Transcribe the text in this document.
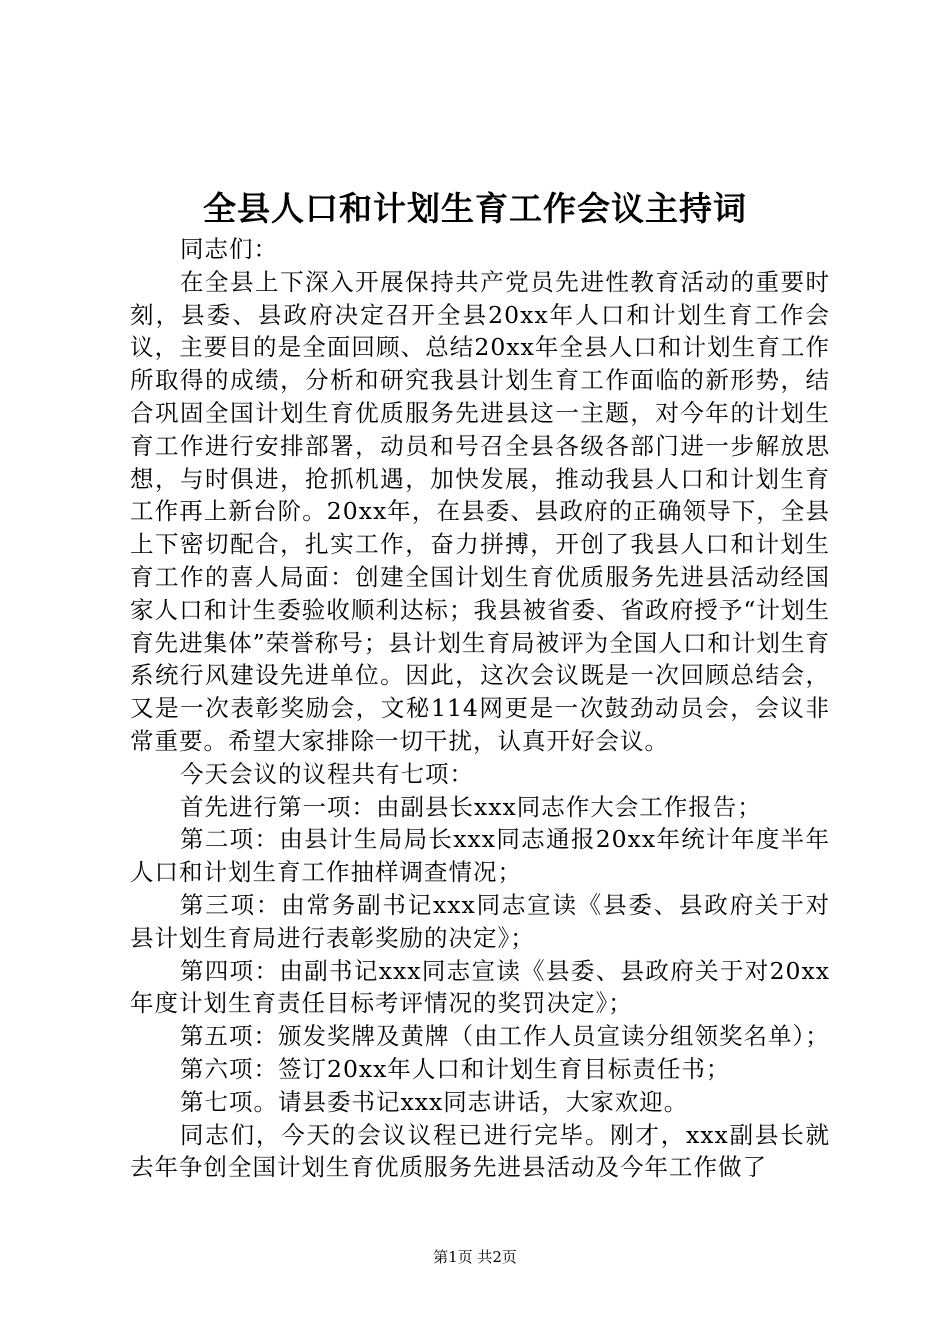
全县人口和计划生育工作会议主持词

同志们：

在全县上下深入开展保持共产党员先进性教育活动的重要时刻，县委、县政府决定召开全县20xx年人口和计划生育工作会议，主要目的是全面回顾、总结20xx年全县人口和计划生育工作所取得的成绩，分析和研究我县计划生育工作面临的新形势，结合巩固全国计划生育优质服务先进县这一主题，对今年的计划生育工作进行安排部署，动员和号召全县各级各部门进一步解放思想，与时俱进，抢抓机遇，加快发展，推动我县人口和计划生育工作再上新台阶。20xx年，在县委、县政府的正确领导下，全县上下密切配合，扎实工作，奋力拼搏，开创了我县人口和计划生育工作的喜人局面：创建全国计划生育优质服务先进县活动经国家人口和计生委验收顺利达标；我县被省委、省政府授予“计划生育先进集体”荣誉称号；县计划生育局被评为全国人口和计划生育系统行风建设先进单位。因此，这次会议既是一次回顾总结会，又是一次表彰奖励会，文秘114网更是一次鼓劲动员会，会议非常重要。希望大家排除一切干扰，认真开好会议。

今天会议的议程共有七项：

首先进行第一项：由副县长xxx同志作大会工作报告；

第二项：由县计生局局长xxx同志通报20xx年统计年度半年人口和计划生育工作抽样调查情况；

第三项：由常务副书记xxx同志宣读《县委、县政府关于对县计划生育局进行表彰奖励的决定》；

第四项：由副书记xxx同志宣读《县委、县政府关于对20xx年度计划生育责任目标考评情况的奖罚决定》；

第五项：颁发奖牌及黄牌（由工作人员宣读分组领奖名单）；

第六项：签订20xx年人口和计划生育目标责任书；

第七项。请县委书记xxx同志讲话，大家欢迎。

同志们，今天的会议议程已进行完毕。刚才，xxx副县长就去年争创全国计划生育优质服务先进县活动及今年工作做了

第1页 共2页
